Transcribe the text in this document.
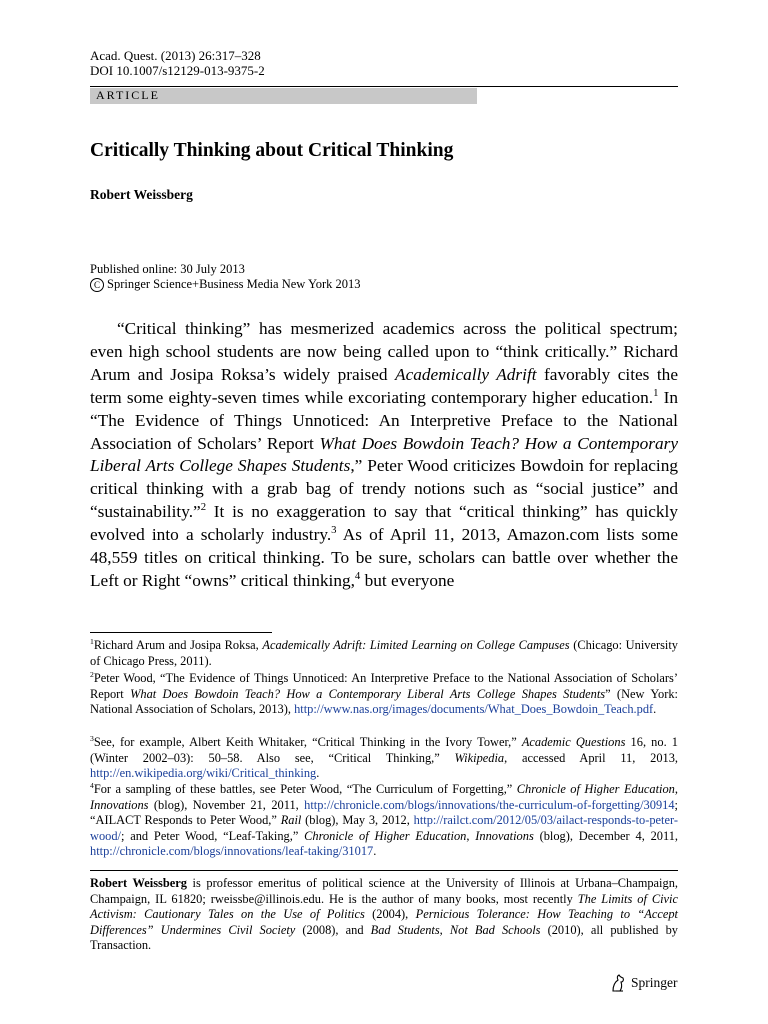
Acad. Quest. (2013) 26:317–328
DOI 10.1007/s12129-013-9375-2
ARTICLE
Critically Thinking about Critical Thinking
Robert Weissberg
Published online: 30 July 2013
C Springer Science+Business Media New York 2013

“Critical thinking” has mesmerized academics across the political spectrum; even high school students are now being called upon to “think critically.” Richard Arum and Josipa Roksa’s widely praised Academically Adrift favorably cites the term some eighty-seven times while excoriating contemporary higher education.$^1$ In “The Evidence of Things Unnoticed: An Interpretive Preface to the National Association of Scholars’ Report What Does Bowdoin Teach? How a Contemporary Liberal Arts College Shapes Students,” Peter Wood criticizes Bowdoin for replacing critical thinking with a grab bag of trendy notions such as “social justice” and “sustainability.”$^2$ It is no exaggeration to say that “critical thinking” has quickly evolved into a scholarly industry.$^3$ As of April 11, 2013, Amazon.com lists some 48,559 titles on critical thinking. To be sure, scholars can battle over whether the Left or Right “owns” critical thinking,$^4$ but everyone

$^1$Richard Arum and Josipa Roksa, Academically Adrift: Limited Learning on College Campuses (Chicago: University of Chicago Press, 2011).

$^2$Peter Wood, “The Evidence of Things Unnoticed: An Interpretive Preface to the National Association of Scholars’ Report What Does Bowdoin Teach? How a Contemporary Liberal Arts College Shapes Students” (New York: National Association of Scholars, 2013), http://www.nas.org/images/documents/What_Does_Bowdoin_Teach.pdf.

$^3$See, for example, Albert Keith Whitaker, “Critical Thinking in the Ivory Tower,” Academic Questions 16, no. 1 (Winter 2002–03): 50–58. Also see, “Critical Thinking,” Wikipedia, accessed April 11, 2013, http://en.wikipedia.org/wiki/Critical_thinking.

$^4$For a sampling of these battles, see Peter Wood, “The Curriculum of Forgetting,” Chronicle of Higher Education, Innovations (blog), November 21, 2011, http://chronicle.com/blogs/innovations/the-curriculum-of-forgetting/30914; “AILACT Responds to Peter Wood,” Rail (blog), May 3, 2012, http://railct.com/2012/05/03/ailact-responds-to-peter-wood/; and Peter Wood, “Leaf-Taking,” Chronicle of Higher Education, Innovations (blog), December 4, 2011, http://chronicle.com/blogs/innovations/leaf-taking/31017.

Robert Weissberg is professor emeritus of political science at the University of Illinois at Urbana–Champaign, Champaign, IL 61820; rweissbe@illinois.edu. He is the author of many books, most recently The Limits of Civic Activism: Cautionary Tales on the Use of Politics (2004), Pernicious Tolerance: How Teaching to “Accept Differences” Undermines Civil Society (2008), and Bad Students, Not Bad Schools (2010), all published by Transaction.

Springer
